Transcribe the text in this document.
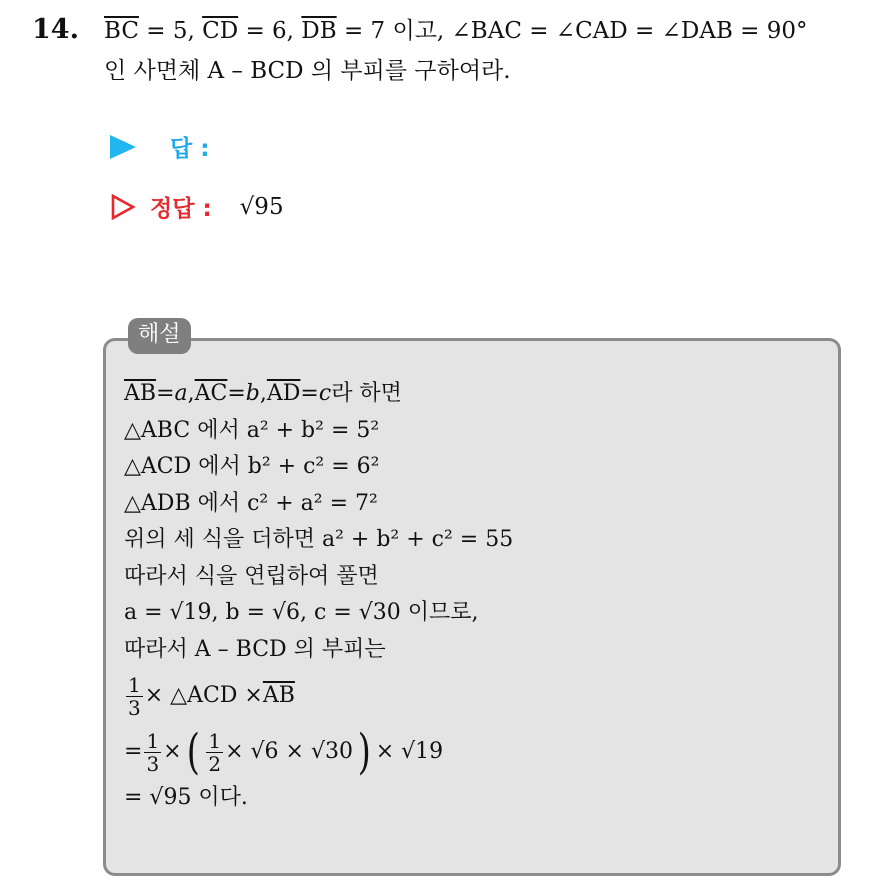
14. $\overline{BC} = 5$, $\overline{CD} = 6$, $\overline{DB} = 7$ 이고, ∠BAC = ∠CAD = ∠DAB = 90°
인 사면체 A – BCD 의 부피를 구하여라.
답 :
정답 : √95
해설
$\overline{AB} = a$ , $\overline{AC} = b$ , $\overline{AD} = c$ 라 하면
△ABC 에서 a² + b² = 5²
△ACD 에서 b² + c² = 6²
△ADB 에서 c² + a² = 7²
위의 세 식을 더하면 a² + b² + c² = 55
따라서 식을 연립하여 풀면
a = √19, b = √6, c = √30 이므로,
따라서 A – BCD 의 부피는
$\frac{1}{3}$ × △ACD × $\overline{AB}$
= $\frac{1}{3}$ × ( $\frac{1}{2} \times √6 \times √30$ ) × √19
= √95 이다.
